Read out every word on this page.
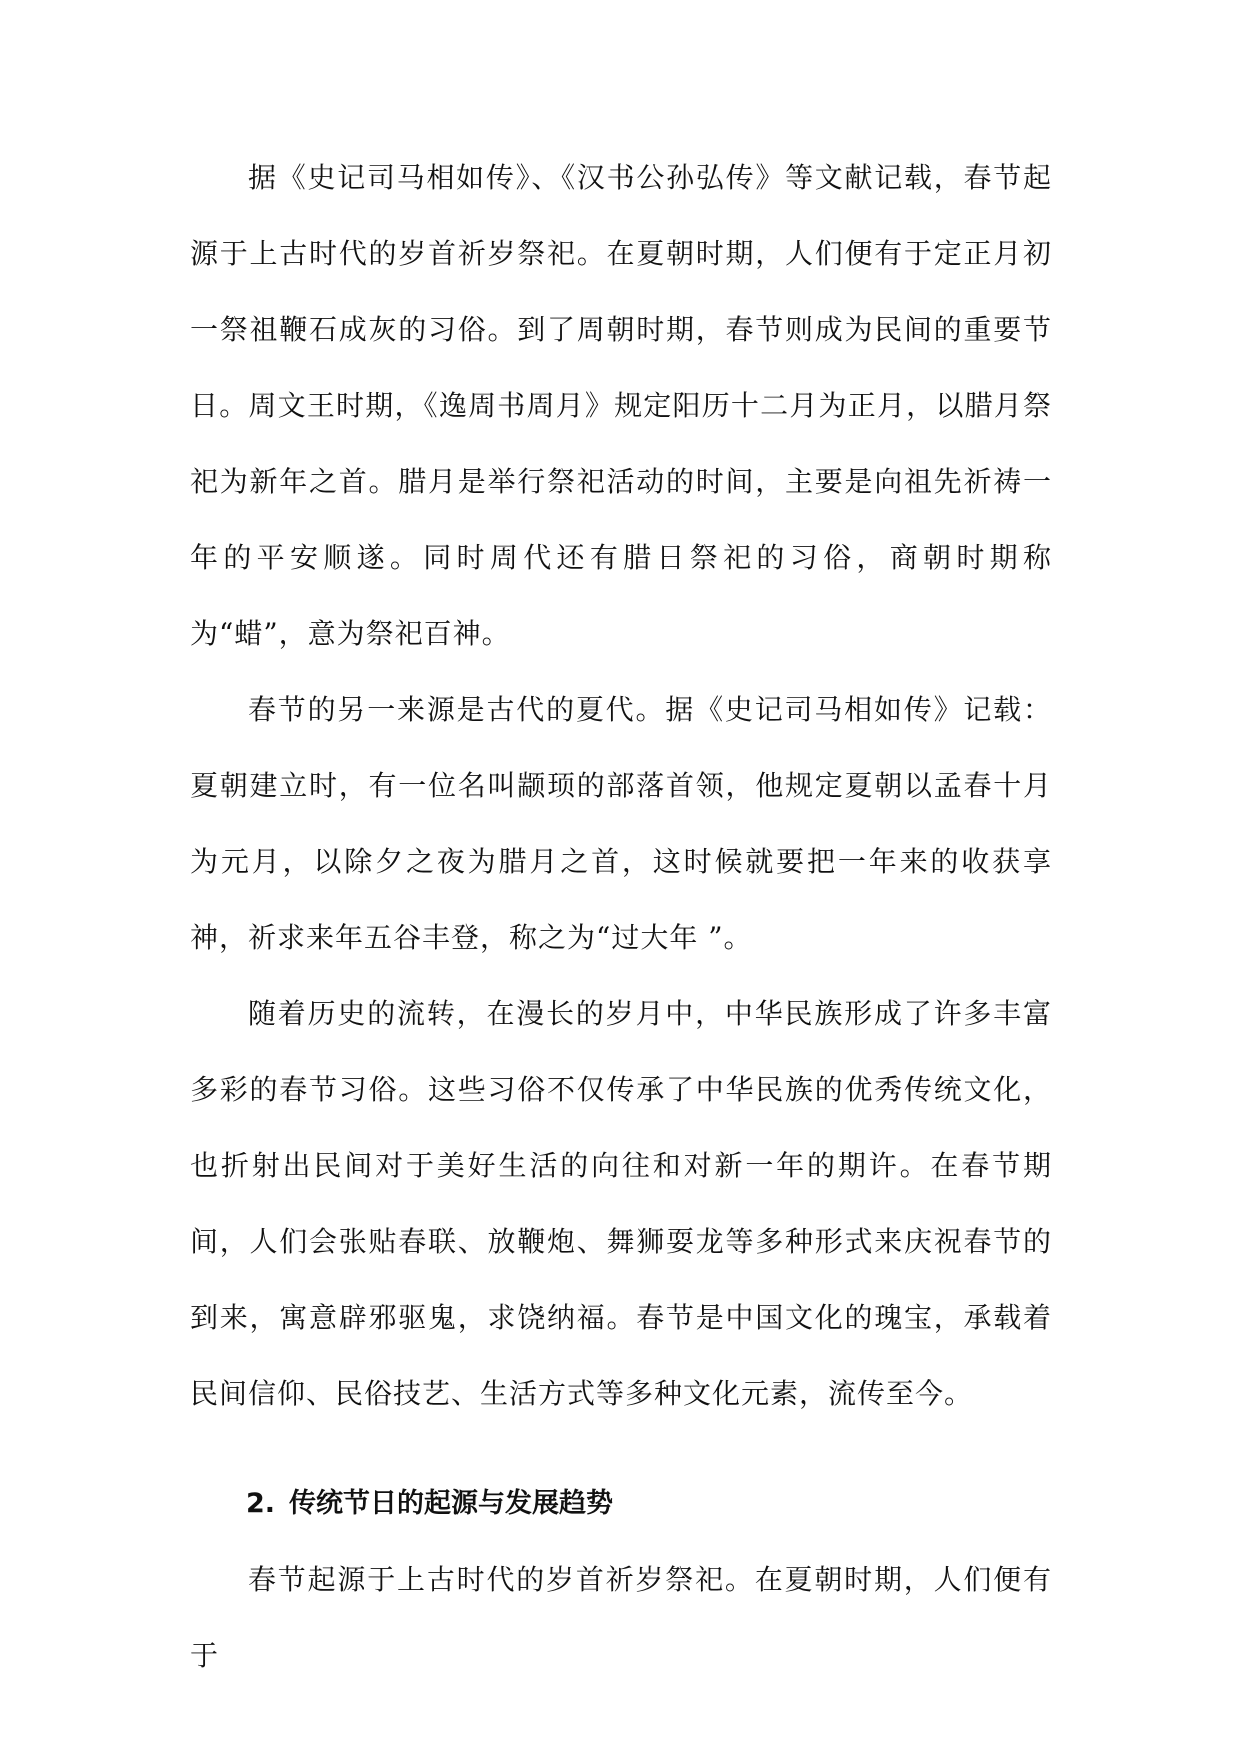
据《史记司马相如传》、《汉书公孙弘传》等文献记载，春节起源于上古时代的岁首祈岁祭祀。在夏朝时期，人们便有于定正月初一祭祖鞭石成灰的习俗。到了周朝时期，春节则成为民间的重要节日。周文王时期，《逸周书周月》规定阳历十二月为正月，以腊月祭祀为新年之首。腊月是举行祭祀活动的时间，主要是向祖先祈祷一年的平安顺遂。同时周代还有腊日祭祀的习俗，商朝时期称为“蜡”，意为祭祀百神。

春节的另一来源是古代的夏代。据《史记司马相如传》记载：夏朝建立时，有一位名叫颛顼的部落首领，他规定夏朝以孟春十月为元月，以除夕之夜为腊月之首，这时候就要把一年来的收获享神，祈求来年五谷丰登，称之为“过大年 ”。

随着历史的流转，在漫长的岁月中，中华民族形成了许多丰富多彩的春节习俗。这些习俗不仅传承了中华民族的优秀传统文化，也折射出民间对于美好生活的向往和对新一年的期许。在春节期间，人们会张贴春联、放鞭炮、舞狮耍龙等多种形式来庆祝春节的到来，寓意辟邪驱鬼，求饶纳福。春节是中国文化的瑰宝，承载着民间信仰、民俗技艺、生活方式等多种文化元素，流传至今。

2. 传统节日的起源与发展趋势

春节起源于上古时代的岁首祈岁祭祀。在夏朝时期，人们便有于
